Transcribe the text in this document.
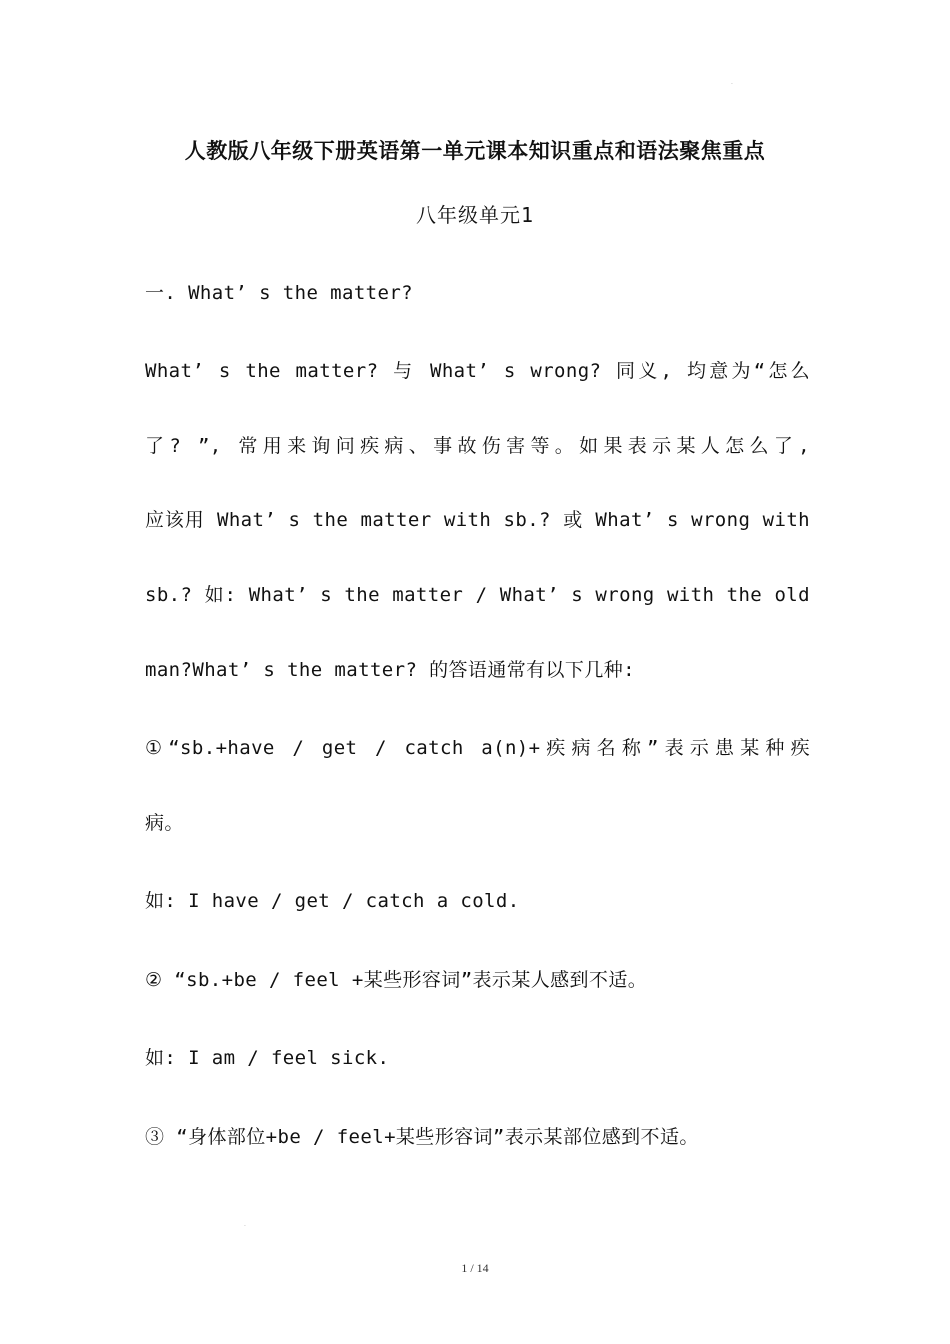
.
人教版八年级下册英语第一单元课本知识重点和语法聚焦重点
八年级单元1
一. What’ s the matter?
What’ s the matter? 与 What’ s wrong? 同义, 均意为“怎么
了? ”, 常用来询问疾病、事故伤害等。如果表示某人怎么了,
应该用 What’ s the matter with sb.? 或 What’ s wrong with
sb.? 如: What’ s the matter / What’ s wrong with the old
man?What’ s the matter? 的答语通常有以下几种:
①“sb.+have / get / catch a(n)+疾病名称”表示患某种疾
病。
如: I have / get / catch a cold.
② “sb.+be / feel +某些形容词”表示某人感到不适。
如: I am / feel sick.
③ “身体部位+be / feel+某些形容词”表示某部位感到不适。
.
1 / 14
